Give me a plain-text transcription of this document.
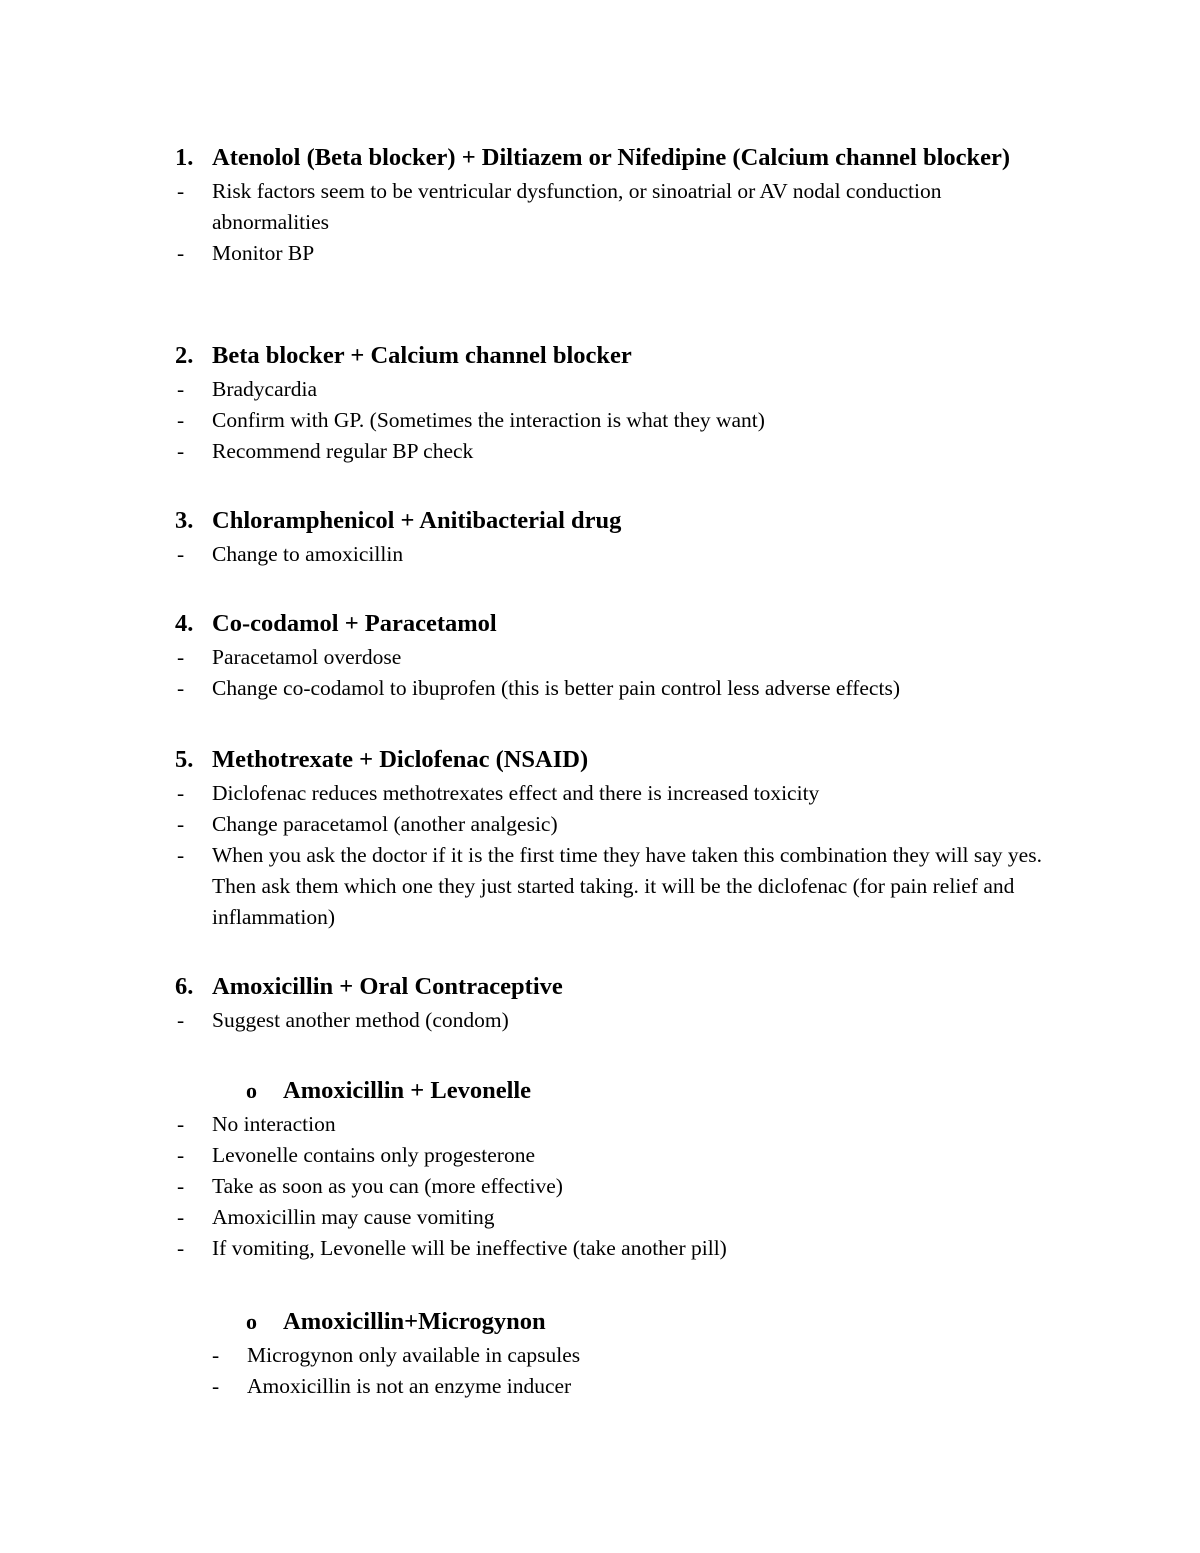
1. Atenolol (Beta blocker) + Diltiazem or Nifedipine (Calcium channel blocker)
- Risk factors seem to be ventricular dysfunction, or sinoatrial or AV nodal conduction abnormalities
- Monitor BP
2. Beta blocker + Calcium channel blocker
- Bradycardia
- Confirm with GP. (Sometimes the interaction is what they want)
- Recommend regular BP check
3. Chloramphenicol + Anitibacterial drug
- Change to amoxicillin
4. Co-codamol + Paracetamol
- Paracetamol overdose
- Change co-codamol to ibuprofen (this is better pain control less adverse effects)
5. Methotrexate + Diclofenac (NSAID)
- Diclofenac reduces methotrexates effect and there is increased toxicity
- Change paracetamol (another analgesic)
- When you ask the doctor if it is the first time they have taken this combination they will say yes. Then ask them which one they just started taking. it will be the diclofenac (for pain relief and inflammation)
6. Amoxicillin + Oral Contraceptive
- Suggest another method (condom)
o Amoxicillin + Levonelle
- No interaction
- Levonelle contains only progesterone
- Take as soon as you can (more effective)
- Amoxicillin may cause vomiting
- If vomiting, Levonelle will be ineffective (take another pill)
o Amoxicillin+Microgynon
- Microgynon only available in capsules
- Amoxicillin is not an enzyme inducer
